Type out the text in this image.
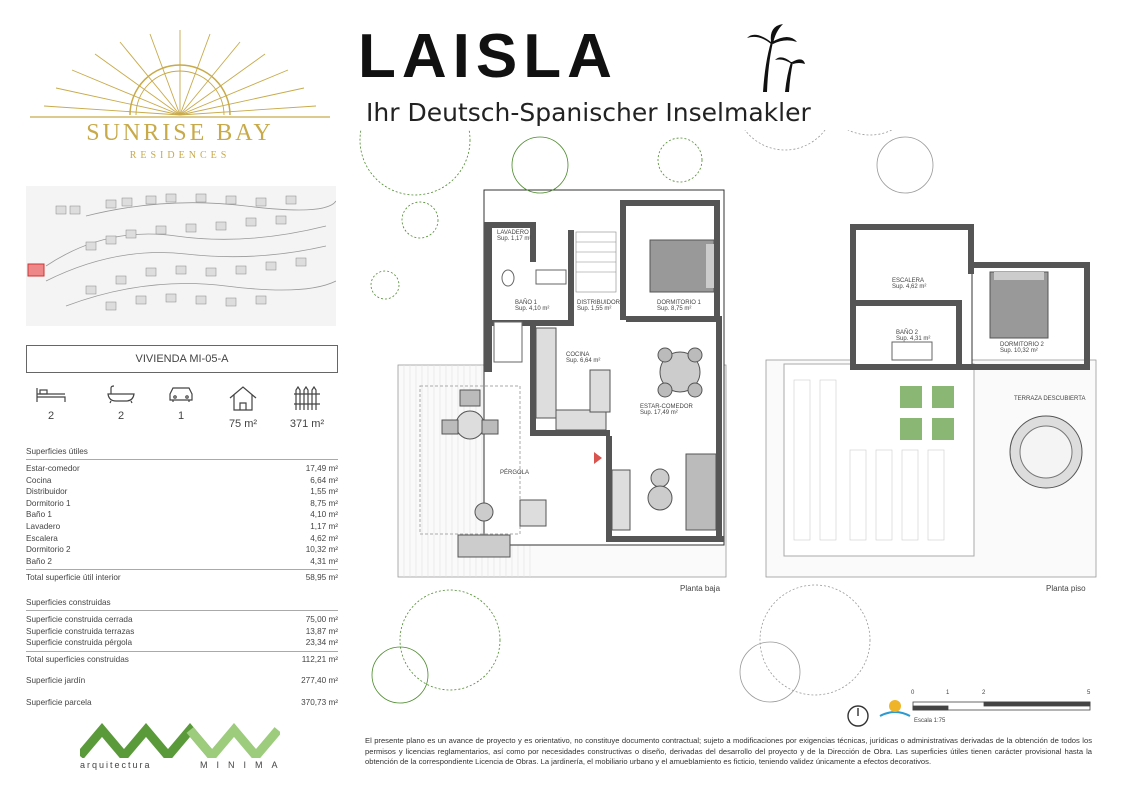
SUNRISE BAY
RESIDENCES
VIVIENDA MI-05-A
2	2	1
75 m²	371 m²
Superficies útiles
Estar-comedor	17,49 m²
Cocina	6,64 m²
Distribuidor	1,55 m²
Dormitorio 1	8,75 m²
Baño 1	4,10 m²
Lavadero	1,17 m²
Escalera	4,62 m²
Dormitorio 2	10,32 m²
Baño 2	4,31 m²
Total superficie útil interior	58,95 m²
Superficies construidas
Superficie construida cerrada	75,00 m²
Superficie construida terrazas	13,87 m²
Superficie construida pérgola	23,34 m²
Total superficies construidas	112,21 m²
Superficie jardín	277,40 m²
Superficie parcela	370,73 m²
arquitectura	MINIMA
LAISLA
Ihr Deutsch-Spanischer Inselmakler
LAVADERO
Sup. 1,17 m²
BAÑO 1
Sup. 4,10 m²
DISTRIBUIDOR
Sup. 1,55 m²
DORMITORIO 1
Sup. 8,75 m²
COCINA
Sup. 6,64 m²
ESTAR-COMEDOR
Sup. 17,49 m²
PÉRGOLA
Planta baja
ESCALERA
Sup. 4,62 m²
BAÑO 2
Sup. 4,31 m²
DORMITORIO 2
Sup. 10,32 m²
TERRAZA DESCUBIERTA
Planta piso
0	1	2	5
Escala 1:75
El presente plano es un avance de proyecto y es orientativo, no constituye documento contractual; sujeto a modificaciones por exigencias técnicas, jurídicas o administrativas derivadas de la obtención de todos los permisos y licencias reglamentarios, así como por necesidades constructivas o diseño, derivadas del desarrollo del proyecto y de la Dirección de Obra. Las superficies útiles tienen carácter provisional hasta la obtención de la correspondiente Licencia de Obras. La jardinería, el mobiliario urbano y el amueblamiento es ficticio, teniendo validez únicamente a efectos decorativos.
